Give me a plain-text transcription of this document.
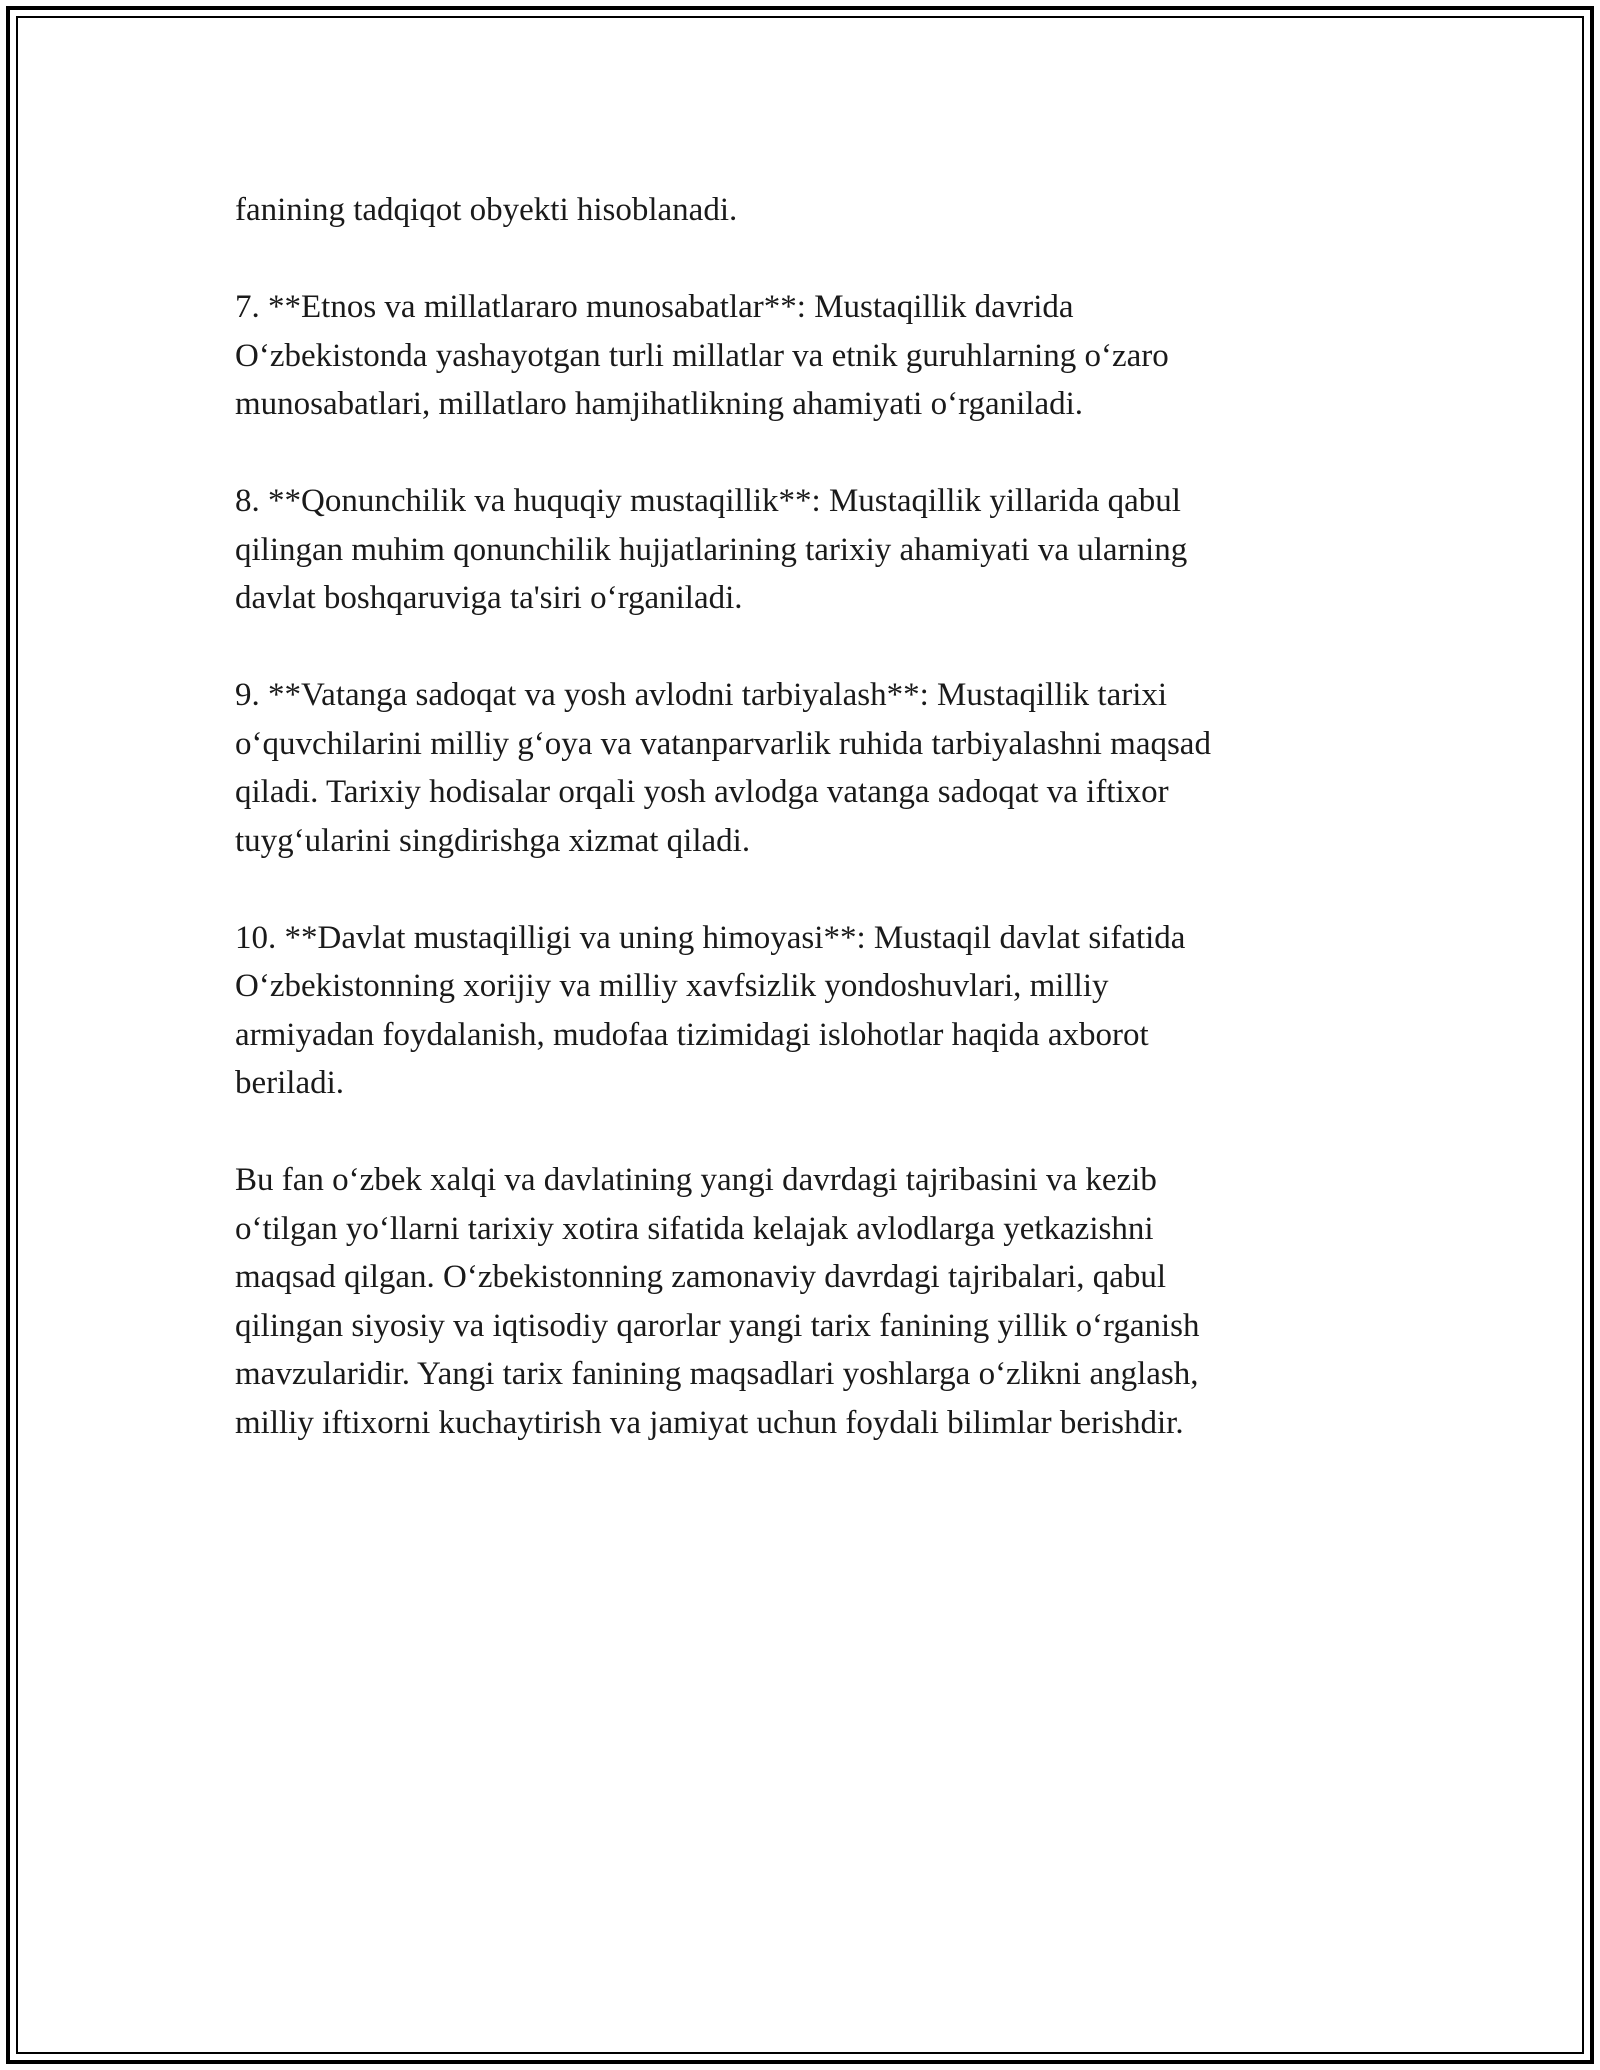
fanining tadqiqot obyekti hisoblanadi.

7. **Etnos va millatlararo munosabatlar**: Mustaqillik davrida
O‘zbekistonda yashayotgan turli millatlar va etnik guruhlarning o‘zaro
munosabatlari, millatlaro hamjihatlikning ahamiyati o‘rganiladi.

8. **Qonunchilik va huquqiy mustaqillik**: Mustaqillik yillarida qabul
qilingan muhim qonunchilik hujjatlarining tarixiy ahamiyati va ularning
davlat boshqaruviga ta'siri o‘rganiladi.

9. **Vatanga sadoqat va yosh avlodni tarbiyalash**: Mustaqillik tarixi
o‘quvchilarini milliy g‘oya va vatanparvarlik ruhida tarbiyalashni maqsad
qiladi. Tarixiy hodisalar orqali yosh avlodga vatanga sadoqat va iftixor
tuyg‘ularini singdirishga xizmat qiladi.

10. **Davlat mustaqilligi va uning himoyasi**: Mustaqil davlat sifatida
O‘zbekistonning xorijiy va milliy xavfsizlik yondoshuvlari, milliy
armiyadan foydalanish, mudofaa tizimidagi islohotlar haqida axborot
beriladi.

Bu fan o‘zbek xalqi va davlatining yangi davrdagi tajribasini va kezib
o‘tilgan yo‘llarni tarixiy xotira sifatida kelajak avlodlarga yetkazishni
maqsad qilgan. O‘zbekistonning zamonaviy davrdagi tajribalari, qabul
qilingan siyosiy va iqtisodiy qarorlar yangi tarix fanining yillik o‘rganish
mavzularidir. Yangi tarix fanining maqsadlari yoshlarga o‘zlikni anglash,
milliy iftixorni kuchaytirish va jamiyat uchun foydali bilimlar berishdir.
